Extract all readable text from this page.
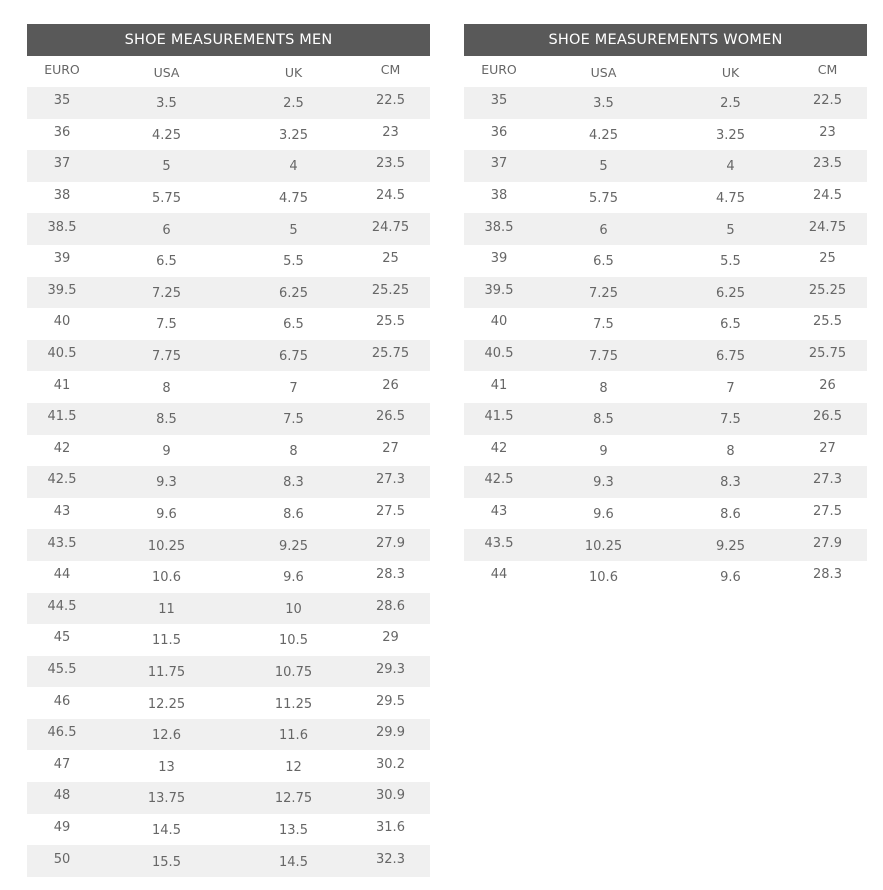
SHOE MEASUREMENTS MEN
EURO	USA	UK	CM
35	3.5	2.5	22.5
36	4.25	3.25	23
37	5	4	23.5
38	5.75	4.75	24.5
38.5	6	5	24.75
39	6.5	5.5	25
39.5	7.25	6.25	25.25
40	7.5	6.5	25.5
40.5	7.75	6.75	25.75
41	8	7	26
41.5	8.5	7.5	26.5
42	9	8	27
42.5	9.3	8.3	27.3
43	9.6	8.6	27.5
43.5	10.25	9.25	27.9
44	10.6	9.6	28.3
44.5	11	10	28.6
45	11.5	10.5	29
45.5	11.75	10.75	29.3
46	12.25	11.25	29.5
46.5	12.6	11.6	29.9
47	13	12	30.2
48	13.75	12.75	30.9
49	14.5	13.5	31.6
50	15.5	14.5	32.3
SHOE MEASUREMENTS WOMEN
EURO	USA	UK	CM
35	3.5	2.5	22.5
36	4.25	3.25	23
37	5	4	23.5
38	5.75	4.75	24.5
38.5	6	5	24.75
39	6.5	5.5	25
39.5	7.25	6.25	25.25
40	7.5	6.5	25.5
40.5	7.75	6.75	25.75
41	8	7	26
41.5	8.5	7.5	26.5
42	9	8	27
42.5	9.3	8.3	27.3
43	9.6	8.6	27.5
43.5	10.25	9.25	27.9
44	10.6	9.6	28.3
